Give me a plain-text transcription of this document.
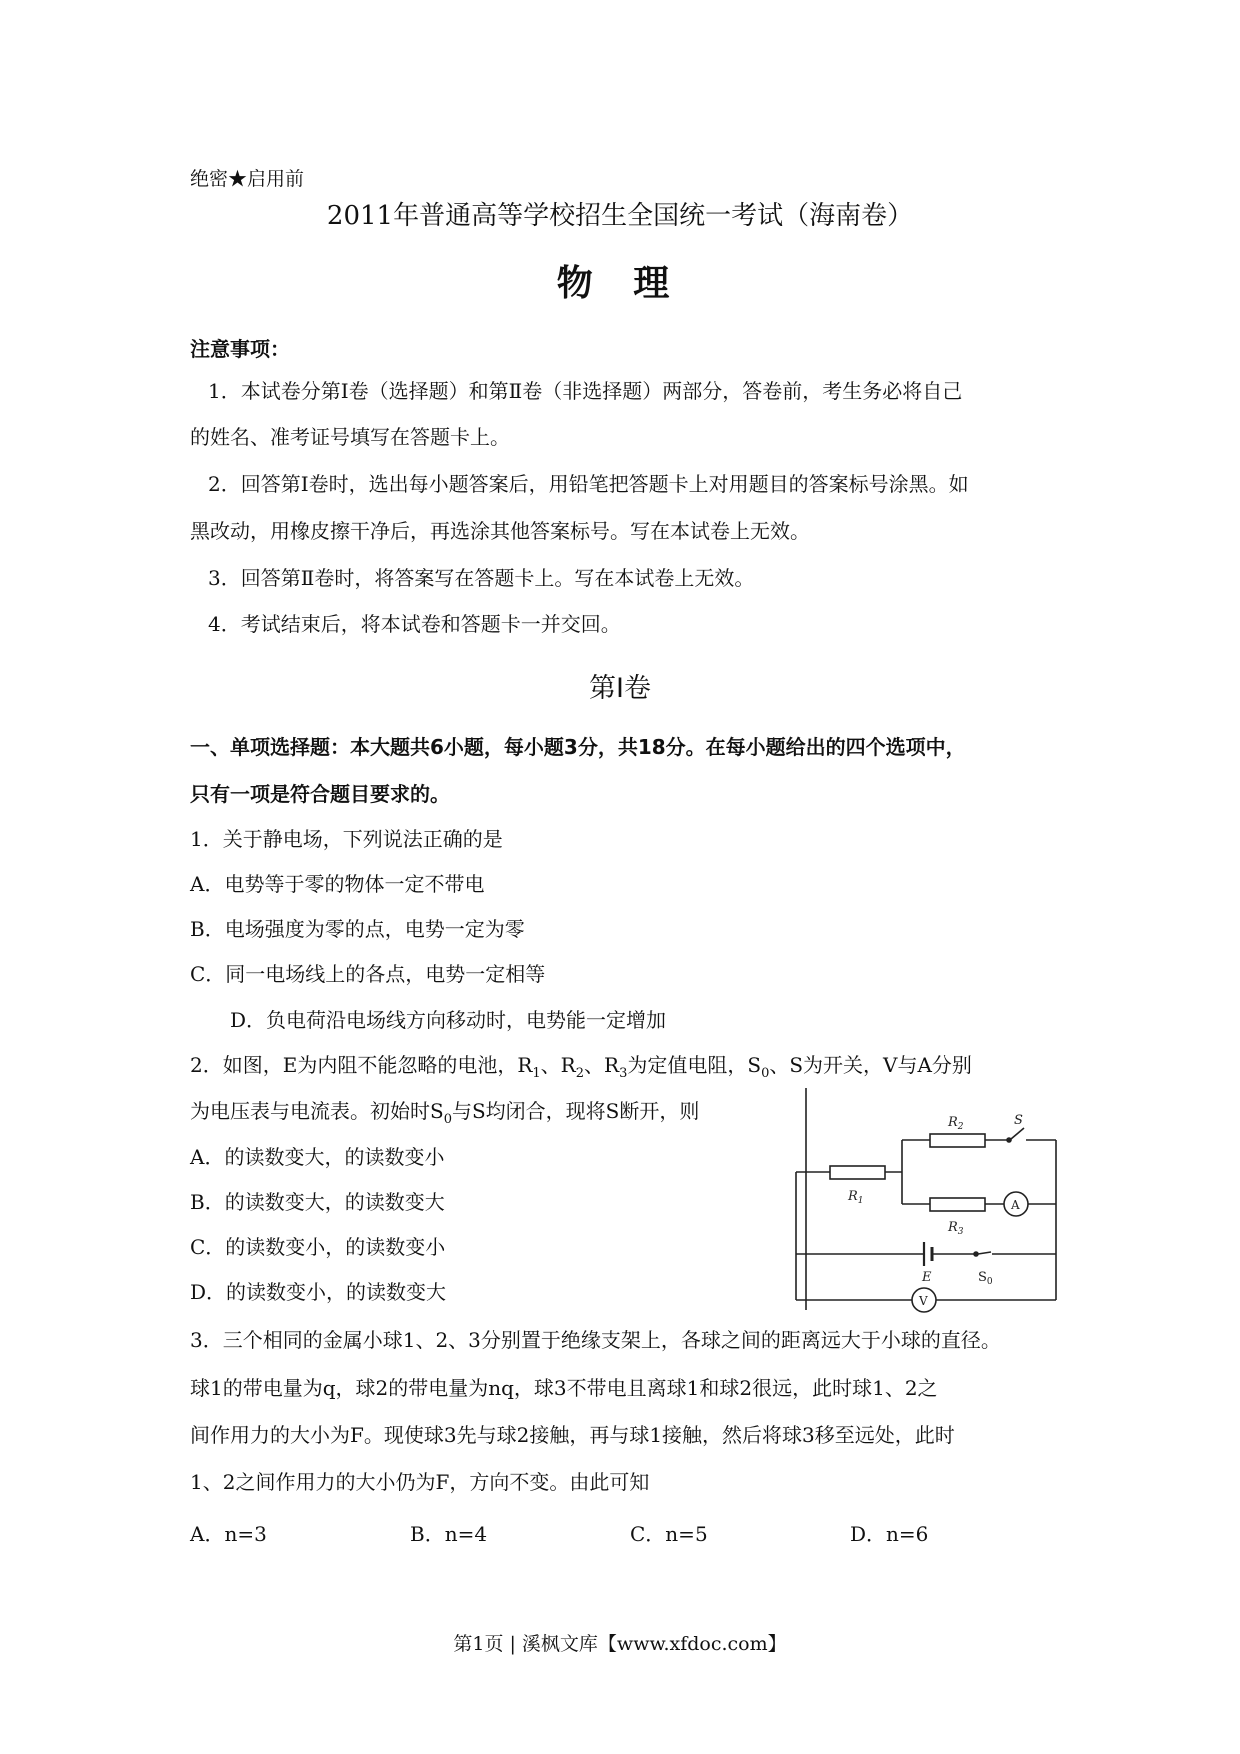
绝密★启用前
2011年普通高等学校招生全国统一考试（海南卷）
物 理
注意事项：
1．本试卷分第Ⅰ卷（选择题）和第Ⅱ卷（非选择题）两部分，答卷前，考生务必将自己
的姓名、准考证号填写在答题卡上。
2．回答第Ⅰ卷时，选出每小题答案后，用铅笔把答题卡上对用题目的答案标号涂黑。如
黑改动，用橡皮擦干净后，再选涂其他答案标号。写在本试卷上无效。
3．回答第Ⅱ卷时，将答案写在答题卡上。写在本试卷上无效。
4．考试结束后，将本试卷和答题卡一并交回。
第Ⅰ卷
一、单项选择题：本大题共6小题，每小题3分，共18分。在每小题给出的四个选项中，
只有一项是符合题目要求的。
1．关于静电场，下列说法正确的是
A．电势等于零的物体一定不带电
B．电场强度为零的点，电势一定为零
C．同一电场线上的各点，电势一定相等
D．负电荷沿电场线方向移动时，电势能一定增加
2．如图，E为内阻不能忽略的电池，$R_1$、$R_2$、$R_3$为定值电阻，$S_0$、S为开关，V与A分别
为电压表与电流表。初始时$S_0$与S均闭合，现将S断开，则
A．的读数变大，的读数变小
B．的读数变大，的读数变大
C．的读数变小，的读数变小
D．的读数变小，的读数变大
$R_1$
$R_2$
$R_3$
S
E	$S_0$
A
V
3．三个相同的金属小球1、2、3分别置于绝缘支架上，各球之间的距离远大于小球的直径。
球1的带电量为q，球2的带电量为nq，球3不带电且离球1和球2很远，此时球1、2之
间作用力的大小为F。现使球3先与球2接触，再与球1接触，然后将球3移至远处，此时
1、2之间作用力的大小仍为F，方向不变。由此可知
A．n=3	B．n=4	C．n=5	D．n=6
第1页 | 溪枫文库【www.xfdoc.com】
